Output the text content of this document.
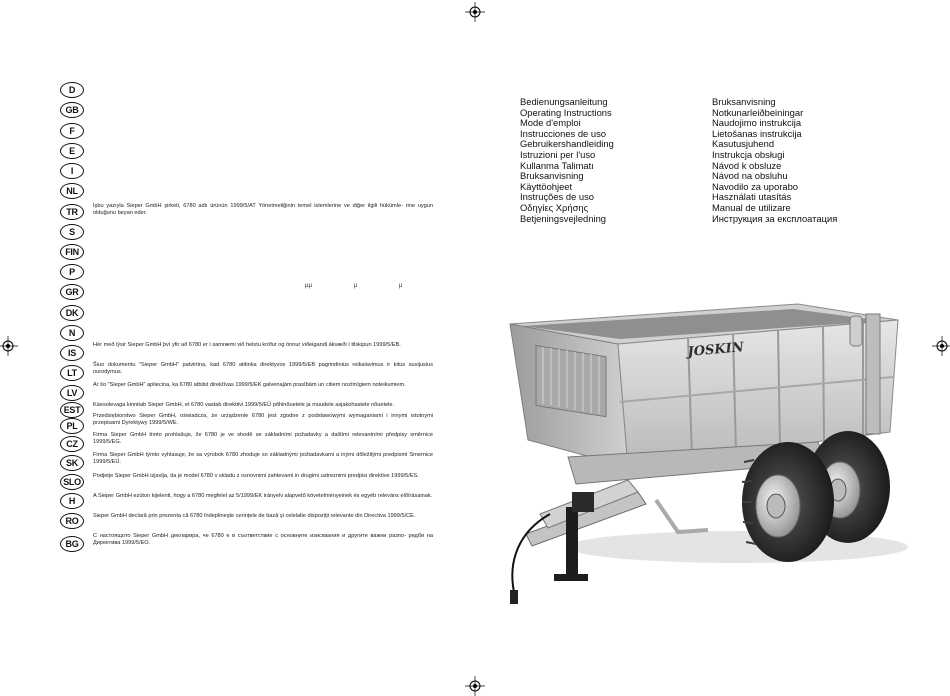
D
GB
F
E
I
NL
TR
S
FIN
P
GR
DK
N
IS
LT
LV
EST
PL
CZ
SK
SLO
H
RO
BG
İşbu yazıyla Sieper GmbH şirketi, 6780 adlı ürünün 1999/5/AT Yönetmeliğinin temel istemlerine ve diğer ilgili hükümle- rine uygun olduğunu beyan eder.
μμ μ μ
Hér með lýsir Sieper GmbH því yfir að 6780 er í samræmi við helstu kröfur og önnur viðeigandi ákvæði í tilskipun 1999/5/EB.
Šiuo dokumentu "Sieper GmbH" patvirtina, kad 6780 atitinka direktyvos 1999/5/EB pagrindinius reikalavimus ir kitus susijusius nurodymus.
Ar šo "Sieper GmbH" apliecina, ka 6780 atbilst direktīvas 1999/5/EK galvenajām prasībām un citiem nozīmīgiem noteikumiem.
Käesolevaga kinnitab Sieper GmbH, et 6780 vastab direktiivi 1999/5/EÜ põhinõuetele ja muudele asjakohastele nõuetele.
Przedsiębiorstwo Sieper GmbH, oświadcza, że urządzenie 6780 jest zgodne z podstawowymi wymaganiami i innymi istotnymi przepisami Dyrektywy 1999/5/WE.
Firma Sieper GmbH tímto prohlašuje, že 6780 je ve shodě se základními požadavky a dalšími relevantními předpisy směrnice 1999/5/EG.
Firma Sieper GmbH týmto vyhlasuje, že sa výrobok 6780 zhoduje so základnými požiadavkami a inými dôležitými predpismi Smernice 1999/5/EÜ.
Podjetje Sieper GmbH izjavlja, da je model 6780 v skladu z osnovnimi zahtevami in drugimi ustreznimi predpisi direktive 1999/5/ES.
A Sieper GmbH ezúton kijelenti, hogy a 6780 megfelel az 5/1999/EK irányelv alapvető követelményeinek és egyéb releváns előírásainak.
Sieper GmbH declară prin prezenta că 6780 îndeplineşte cerinţele de bază şi celelalte dispoziţii relevante din Directiva 1999/5/CE.
С настоящото Sieper GmbH декларира, че 6780 е в съответствие с основните изисквания и другите важни разпо- редби на Директива 1999/5/ЕО.
Bedienungsanleitung
Operating Instructions
Mode d'emploi
Instrucciones de uso
Gebruikershandleiding
Istruzioni per l'uso
Kullanma Talimatı
Bruksanvisning
Käyttöohjeet
Instruções de uso
Οδηγίες Χρήσης
Betjeningsvejledning
Bruksanvisning
Notkunarleiðbeiningar
Naudojimo instrukcija
Lietošanas instrukcija
Kasutusjuhend
Instrukcja obsługi
Návod k obsluze
Návod na obsluhu
Navodilo za uporabo
Használati utasítás
Manual de utilizare
Инструкция за експлоатация
JOSKIN
